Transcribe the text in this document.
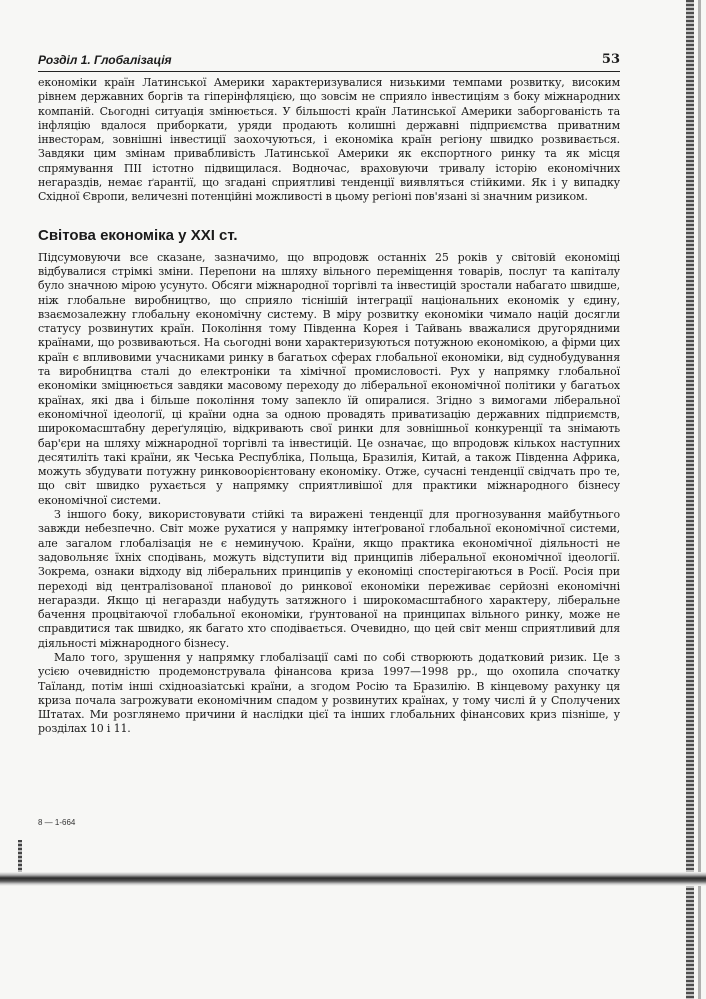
Розділ 1. Глобалізація	53

економіки країн Латинської Америки характеризувалися низькими темпами розвитку, високим рівнем державних боргів та гіперінфляцією, що зовсім не сприяло інвестиціям з боку міжнародних компаній. Сьогодні ситуація змінюється. У більшості країн Латинської Америки заборгованість та інфляцію вдалося приборкати, уряди продають колишні державні підприємства приватним інвесторам, зовнішні інвестиції заохочуються, і економіка країн регіону швидко розвивається. Завдяки цим змінам привабливість Латинської Америки як експортного ринку та як місця спрямування ПІІ істотно підвищилася. Водночас, враховуючи тривалу історію економічних негараздів, немає ґарантії, що згадані сприятливі тенденції виявляться стійкими. Як і у випадку Східної Європи, величезні потенційні можливості в цьому регіоні пов'язані зі значним ризиком.

Світова економіка у XXI ст.

Підсумовуючи все сказане, зазначимо, що впродовж останніх 25 років у світовій економіці відбувалися стрімкі зміни. Перепони на шляху вільного переміщення товарів, послуг та капіталу було значною мірою усунуто. Обсяги міжнародної торгівлі та інвестицій зростали набагато швидше, ніж глобальне виробництво, що сприяло тіснішій інтеграції національних економік у єдину, взаємозалежну глобальну економічну систему. В міру розвитку економіки чимало націй досягли статусу розвинутих країн. Покоління тому Південна Корея і Тайвань вважалися другорядними країнами, що розвиваються. На сьогодні вони характеризуються потужною економікою, а фірми цих країн є впливовими учасниками ринку в багатьох сферах глобальної економіки, від суднобудування та виробництва сталі до електроніки та хімічної промисловості. Рух у напрямку глобальної економіки зміцнюється завдяки масовому переходу до ліберальної економічної політики у багатьох країнах, які два і більше покоління тому запекло їй опиралися. Згідно з вимогами ліберальної економічної ідеології, ці країни одна за одною провадять приватизацію державних підприємств, широкомасштабну дереґуляцію, відкривають свої ринки для зовнішньої конкуренції та знімають бар'єри на шляху міжнародної торгівлі та інвестицій. Це означає, що впродовж кількох наступних десятиліть такі країни, як Чеська Республіка, Польща, Бразилія, Китай, а також Південна Африка, можуть збудувати потужну ринковоорієнтовану економіку. Отже, сучасні тенденції свідчать про те, що світ швидко рухається у напрямку сприятливішої для практики міжнародного бізнесу економічної системи.

З іншого боку, використовувати стійкі та виражені тенденції для прогнозування майбутнього завжди небезпечно. Світ може рухатися у напрямку інтеґрованої глобальної економічної системи, але загалом глобалізація не є неминучою. Країни, якщо практика економічної діяльності не задовольняє їхніх сподівань, можуть відступити від принципів ліберальної економічної ідеології. Зокрема, ознаки відходу від ліберальних принципів у економіці спостерігаються в Росії. Росія при переході від централізованої планової до ринкової економіки переживає серйозні економічні негаразди. Якщо ці негаразди набудуть затяжного і широкомасштабного характеру, ліберальне бачення процвітаючої глобальної економіки, ґрунтованої на принципах вільного ринку, може не справдитися так швидко, як багато хто сподівається. Очевидно, що цей світ менш сприятливий для діяльності міжнародного бізнесу.

Мало того, зрушення у напрямку глобалізації самі по собі створюють додатковий ризик. Це з усією очевидністю продемонструвала фінансова криза 1997—1998 рр., що охопила спочатку Таїланд, потім інші східноазіатські країни, а згодом Росію та Бразилію. В кінцевому рахунку ця криза почала загрожувати економічним спадом у розвинутих країнах, у тому числі й у Сполучених Штатах. Ми розглянемо причини й наслідки цієї та інших глобальних фінансових криз пізніше, у розділах 10 і 11.

8 — 1-664
